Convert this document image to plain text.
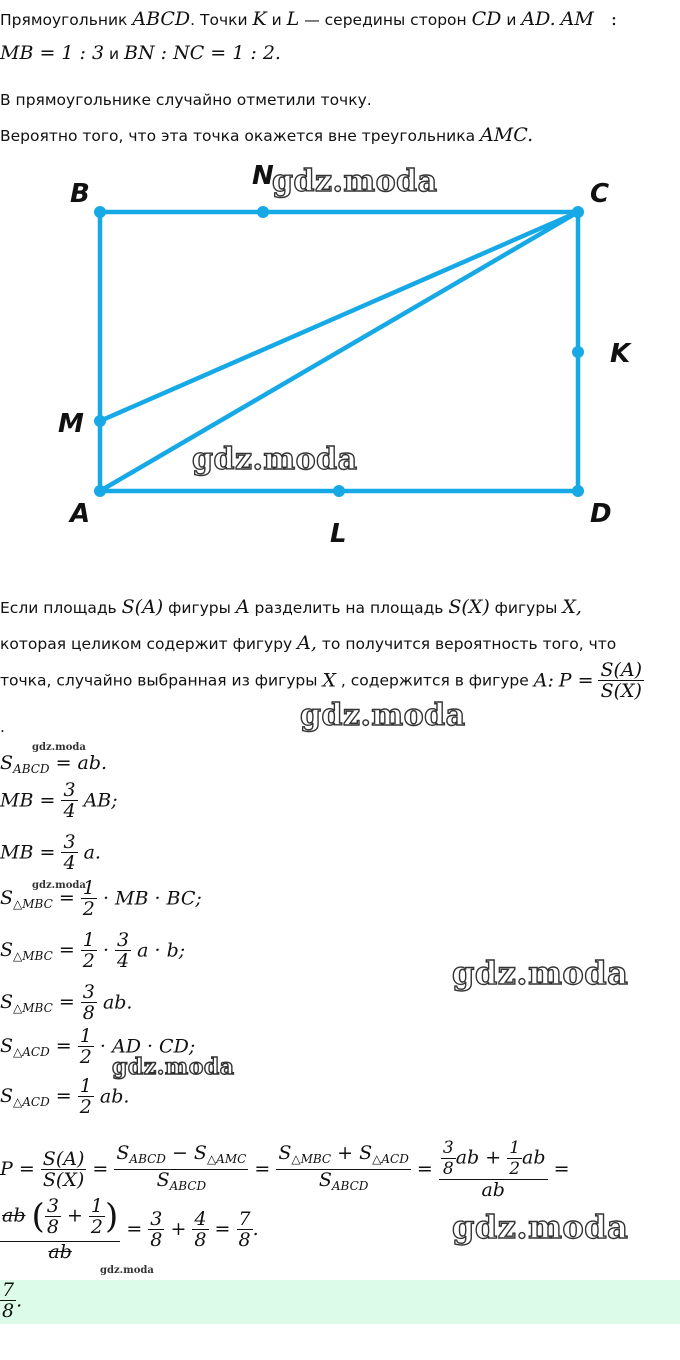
Прямоугольник ABCD. Точки K и L — середины сторон CD и AD. AM :
MB = 1 : 3 и BN : NC = 1 : 2.
В прямоугольнике случайно отметили точку.
Вероятно того, что эта точка окажется вне треугольника AMC.
B
N
C
K
M
A	D
L
gdz.moda
gdz.moda
Если площадь S(A) фигуры A разделить на площадь S(X) фигуры X,
которая целиком содержит фигуру A, то получится вероятность того, что
точка, случайно выбранная из фигуры X , содержится в фигуре A: $P = \frac{S(A)}{S(X)}$
.	gdz.moda
gdz.moda
$S_{ABCD}$ = ab.
MB = $\frac{3}{4}$ AB;
MB = $\frac{3}{4} a$.
gdz.moda
$S_{\triangle MBC} = \frac{1}{2}$ · MB · BC;
$S_{\triangle MBC} = \frac{1}{2} \cdot \frac{3}{4}$ a · b;
gdz.moda
$S_{\triangle MBC} = \frac{3}{8}$ ab.
$S_{\triangle ACD} = \frac{1}{2}$ · AD · CD;
gdz.moda
$S_{\triangle ACD} = \frac{1}{2}$ ab.
$P = \frac{S(A)}{S(X)} = \frac{S_{ABCD} - S_{\triangle AMC}}{S_{ABCD}} = \frac{S_{\triangle MBC} + S_{\triangle ACD}}{S_{ABCD}} = \frac{\frac{3}{8} ab + \frac{1}{2} ab}{ab}$ =
$\frac{ab ( \frac{3}{8} + \frac{1}{2} )}{ab} = \frac{3}{8} + \frac{4}{8} = \frac{7}{8}$ .	gdz.moda
gdz.moda
$\frac{7}{8}$ .
